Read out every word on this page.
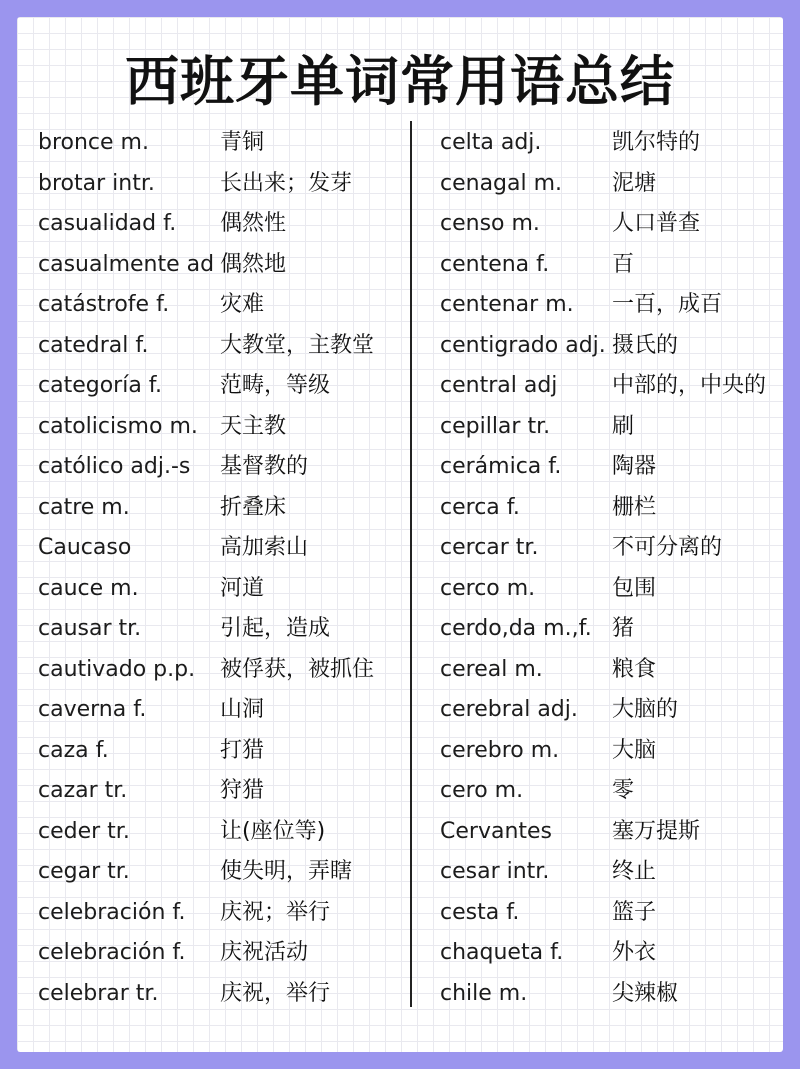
西班牙单词常用语总结
bronce m.	青铜
brotar intr.	长出来；发芽
casualidad f.	偶然性
casualmente ad 偶然地
catástrofe f.	灾难
catedral f.	大教堂，主教堂
categoría f.	范畴，等级
catolicismo m.	天主教
católico adj.-s	基督教的
catre m.	折叠床
Caucaso	高加索山
cauce m.	河道
causar tr.	引起，造成
cautivado p.p.	被俘获，被抓住
caverna f.	山洞
caza f.	打猎
cazar tr.	狩猎
ceder tr.	让(座位等)
cegar tr.	使失明，弄瞎
celebración f.	庆祝；举行
celebración f.	庆祝活动
celebrar tr.	庆祝，举行
celta adj.	凯尔特的
cenagal m.	泥塘
censo m.	人口普查
centena f.	百
centenar m.	一百，成百
centigrado adj. 摄氏的
central adj	中部的，中央的
cepillar tr.	刷
cerámica f.	陶器
cerca f.	栅栏
cercar tr.	不可分离的
cerco m.	包围
cerdo,da m.,f. 猪
cereal m.	粮食
cerebral adj.	大脑的
cerebro m.	大脑
cero m.	零
Cervantes	塞万提斯
cesar intr.	终止
cesta f.	篮子
chaqueta f.	外衣
chile m.	尖辣椒
